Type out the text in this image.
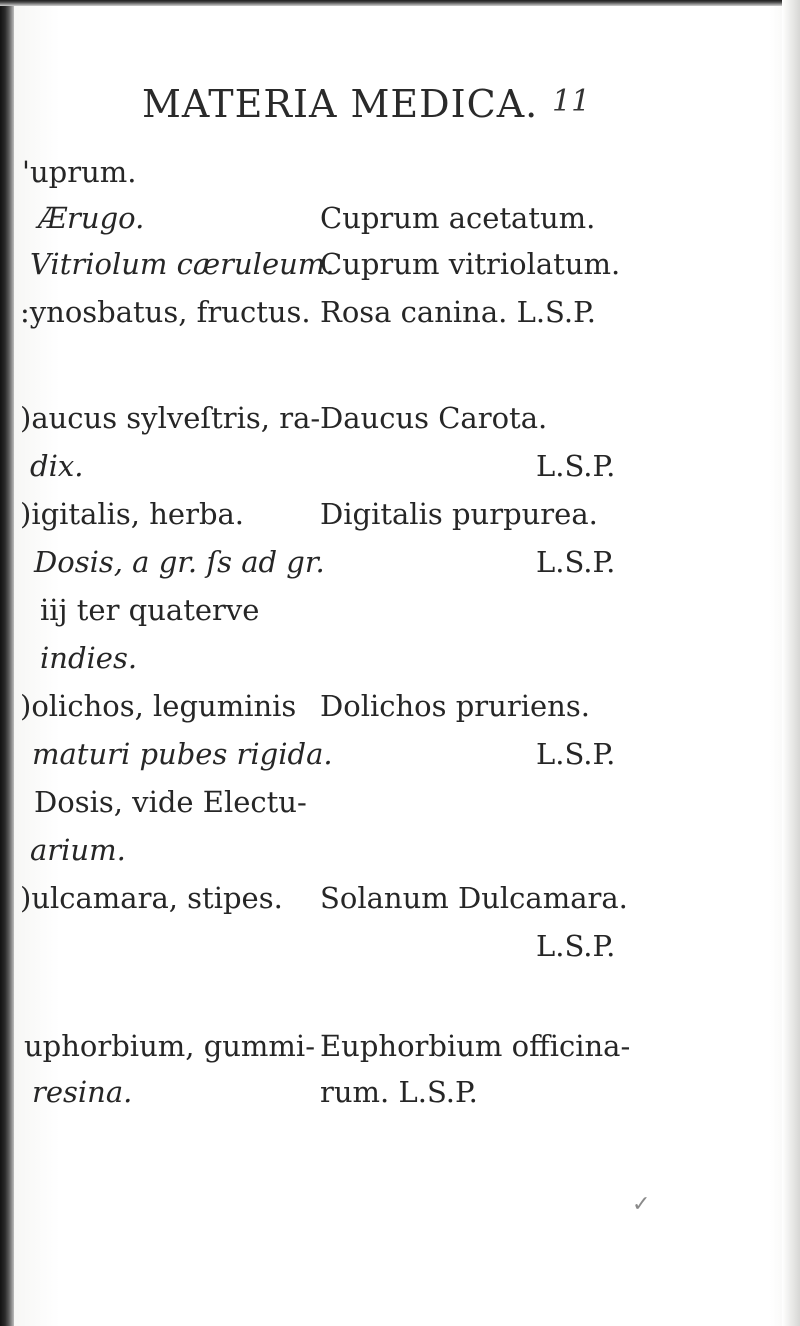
MATERIA MEDICA. 11
'uprum.
Ærugo.	Cuprum acetatum.
Vitriolum cæruleum.
Cuprum vitriolatum.
:ynosbatus, fructus. Rosa canina. L.S.P.
)aucus sylveſtris, ra-
dix.
Daucus Carota.
L.S.P.
)igitalis, herba.
Dosis, a gr. ſs ad gr.
iij ter quaterve
indies.
Digitalis purpurea.
L.S.P.
)olichos, leguminis
maturi pubes rigida.
Dosis, vide Electu-
arium.
Dolichos pruriens.
L.S.P.
)ulcamara, stipes. Solanum Dulcamara.
L.S.P.
uphorbium, gummi-
resina.
Euphorbium officina-
rum. L.S.P.
✓
